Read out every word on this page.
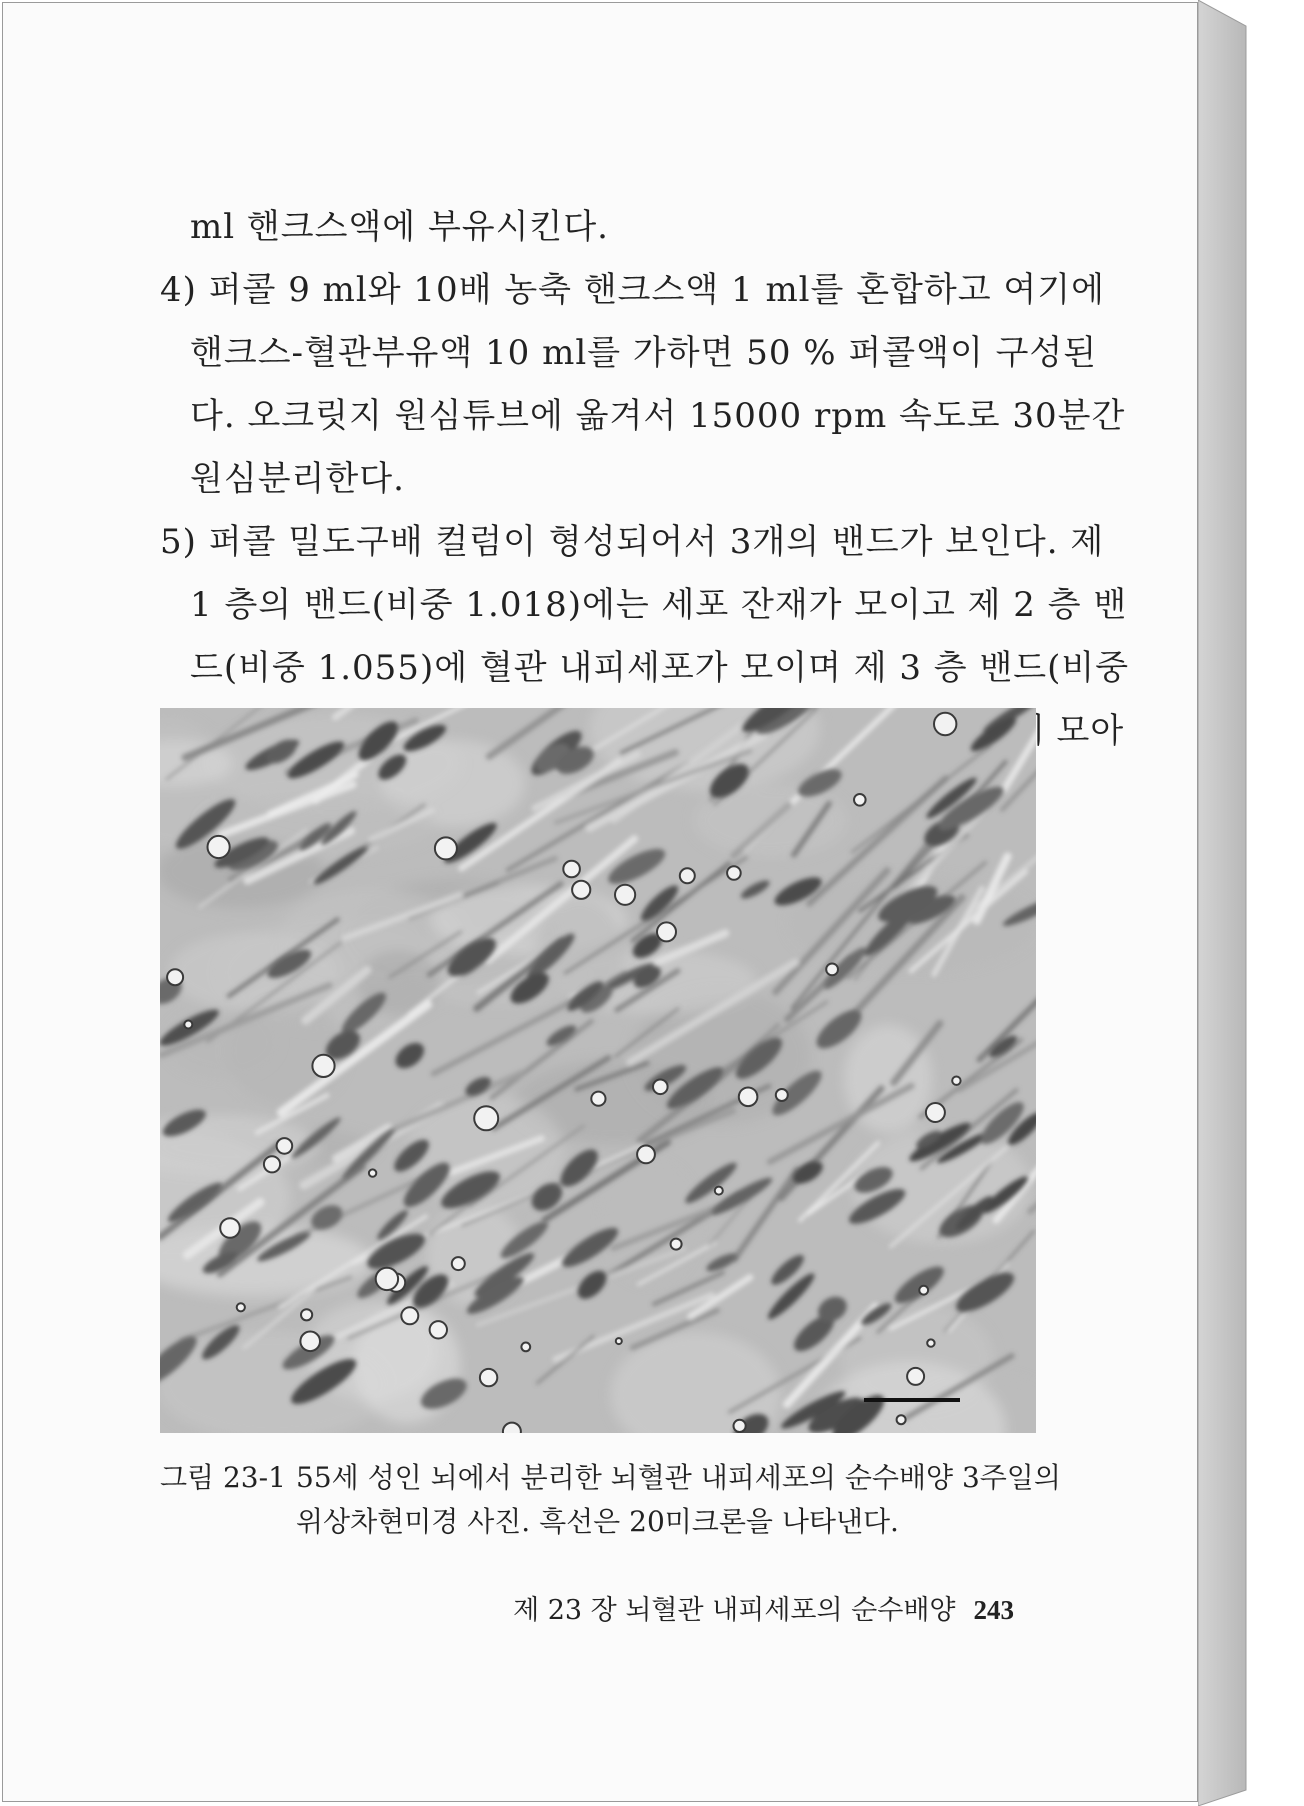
ml 핸크스액에 부유시킨다.
4) 퍼콜 9 ml와 10배 농축 핸크스액 1 ml를 혼합하고 여기에
핸크스-혈관부유액 10 ml를 가하면 50 % 퍼콜액이 구성된
다. 오크릿지 원심튜브에 옮겨서 15000 rpm 속도로 30분간
원심분리한다.
5) 퍼콜 밀도구배 컬럼이 형성되어서 3개의 밴드가 보인다. 제
1 층의 밴드(비중 1.018)에는 세포 잔재가 모이고 제 2 층 밴
드(비중 1.055)에 혈관 내피세포가 모이며 제 3 층 밴드(비중
그림 23-1 55세 성인 뇌에서 분리한 뇌혈관 내피세포의 순수배양 3주일의
위상차현미경 사진. 흑선은 20미크론을 나타낸다.
제 23 장 뇌혈관 내피세포의 순수배양 243
